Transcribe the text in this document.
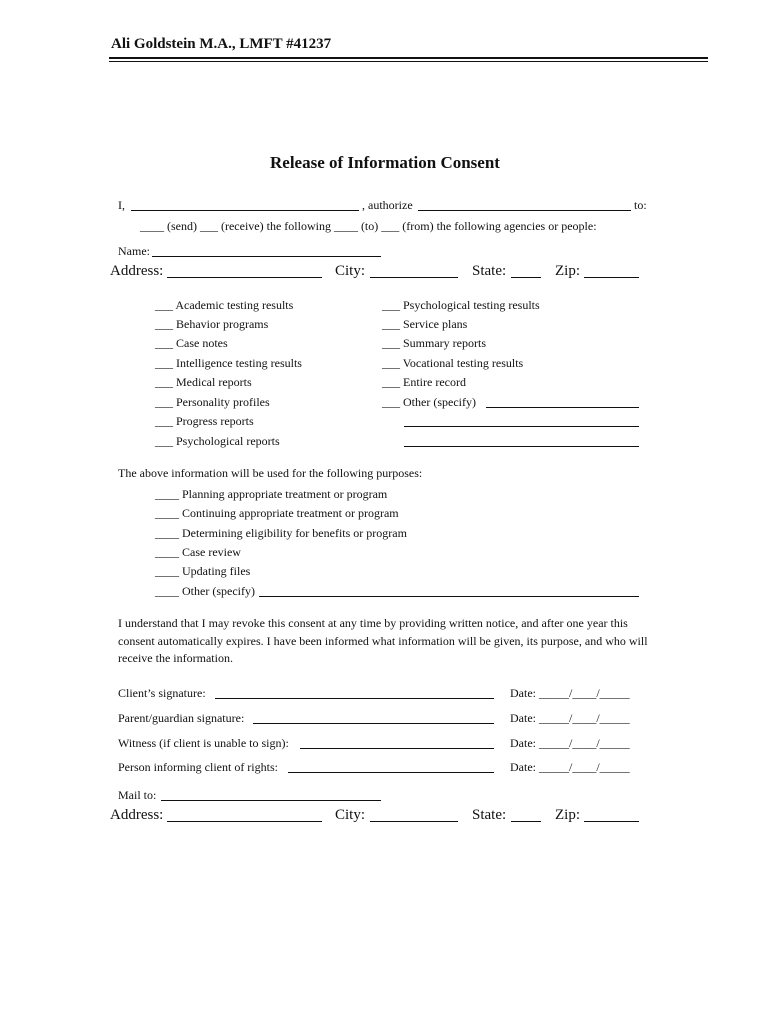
Ali Goldstein M.A., LMFT #41237
Release of Information Consent
I,	, authorize	to:
____ (send) ___ (receive) the following ____ (to) ___ (from) the following agencies or people:
Name:
Address:	City:	State:	Zip:
___ Academic testing results
___ Behavior programs
___ Case notes
___ Intelligence testing results
___ Medical reports
___ Personality profiles
___ Progress reports
___ Psychological reports
___ Psychological testing results
___ Service plans
___ Summary reports
___ Vocational testing results
___ Entire record
___ Other (specify)
The above information will be used for the following purposes:
____ Planning appropriate treatment or program
____ Continuing appropriate treatment or program
____ Determining eligibility for benefits or program
____ Case review
____ Updating files
____ Other (specify)
I understand that I may revoke this consent at any time by providing written notice, and after one year this consent automatically expires. I have been informed what information will be given, its purpose, and who will receive the information.
Client’s signature:	Date: _____/____/_____
Parent/guardian signature:	Date: _____/____/_____
Witness (if client is unable to sign):	Date: _____/____/_____
Person informing client of rights:	Date: _____/____/_____
Mail to:
Address:	City:	State:	Zip:
